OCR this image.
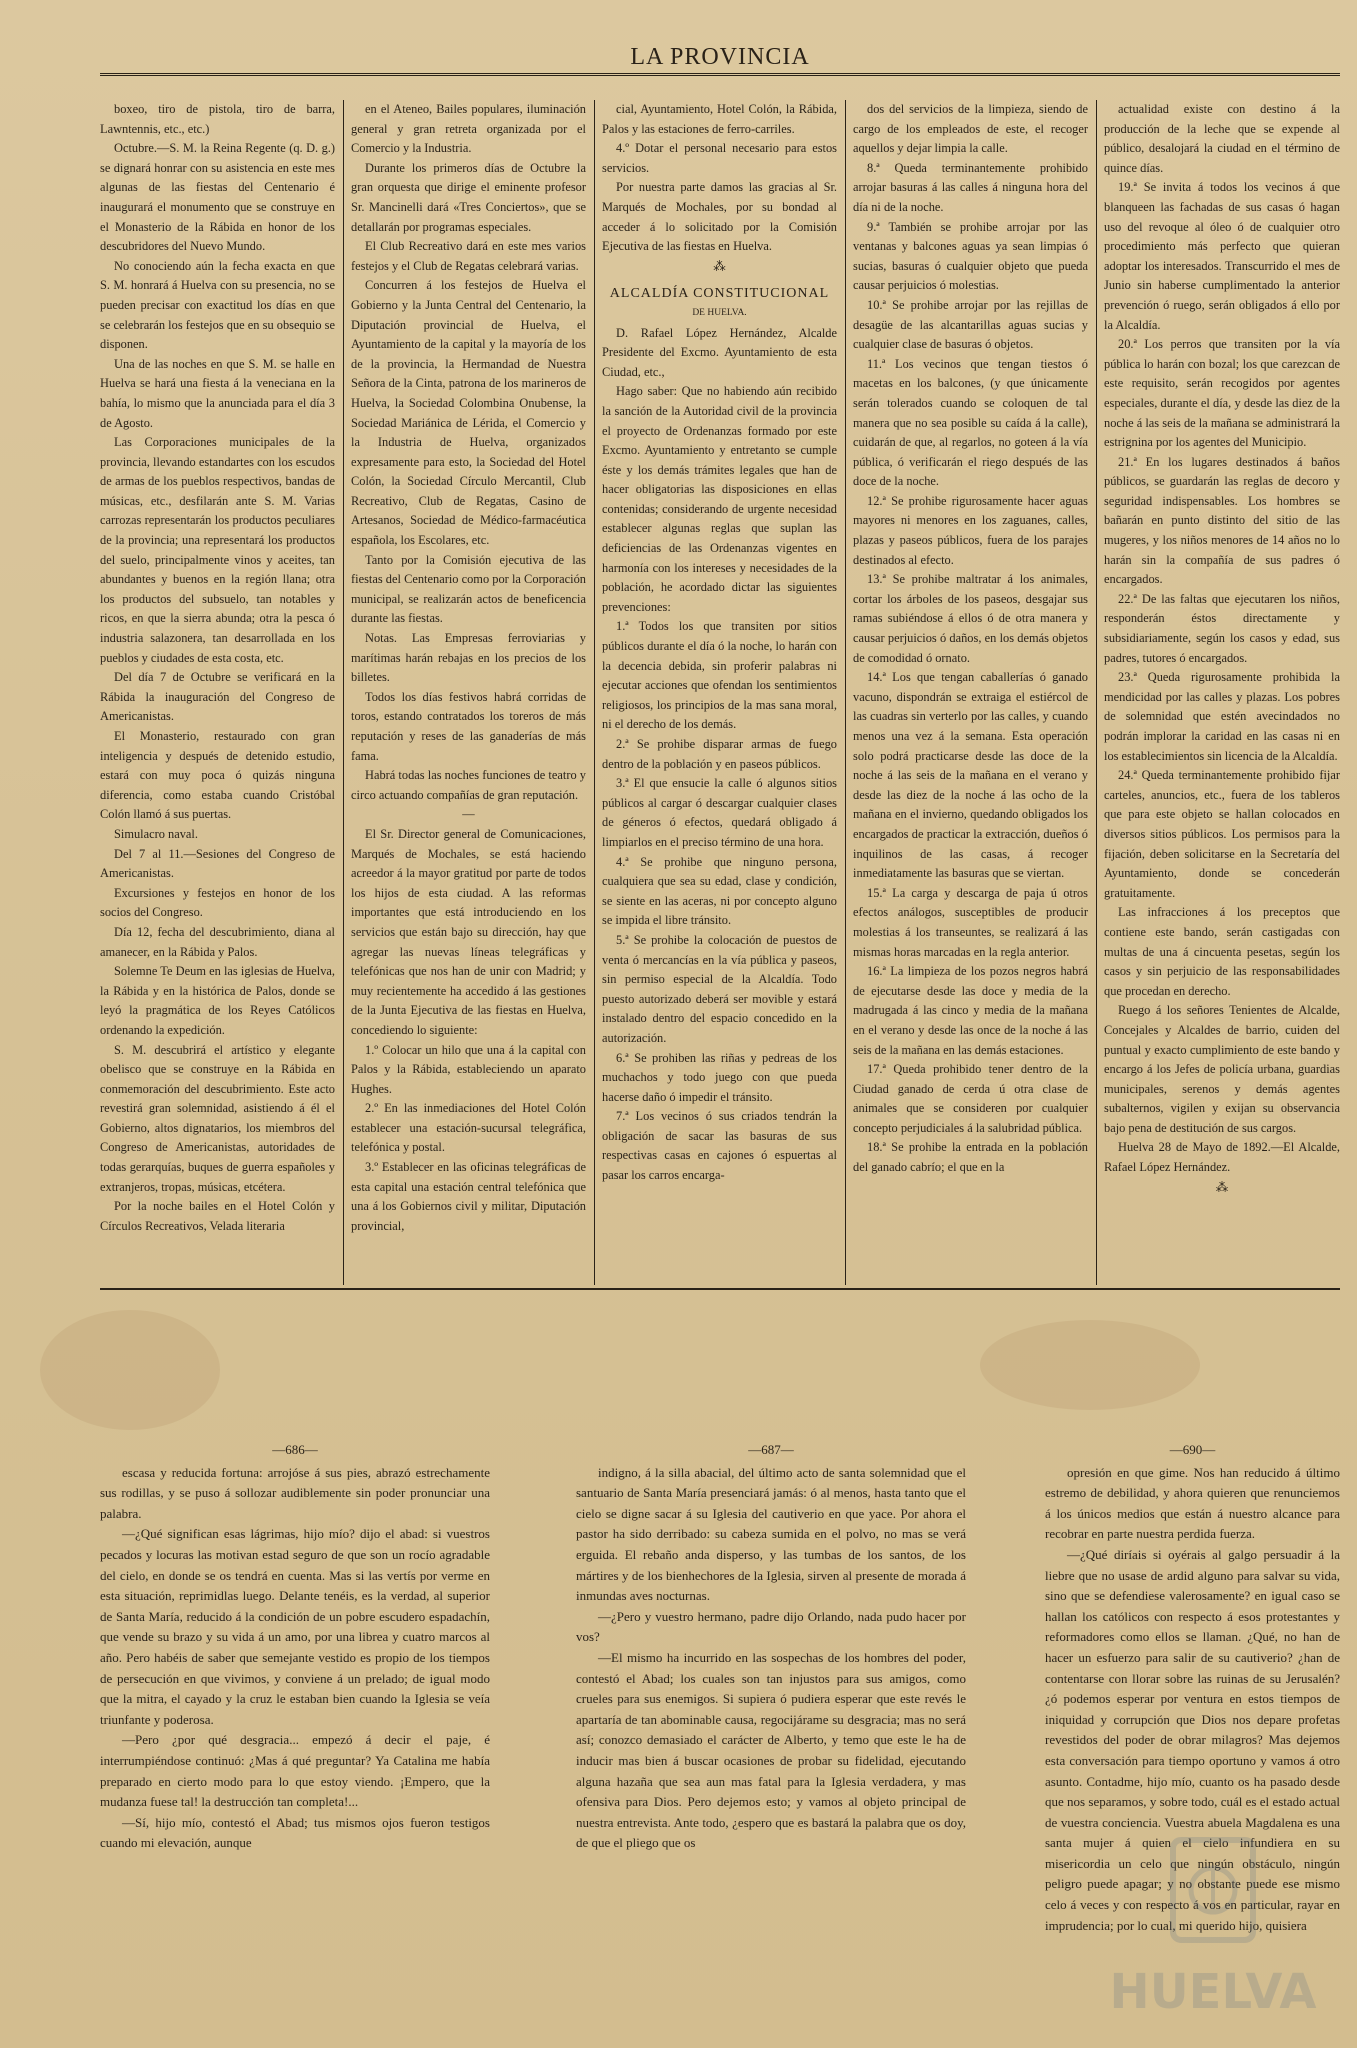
LA PROVINCIA

boxeo, tiro de pistola, tiro de barra, Lawntennis, etc., etc.)

Octubre.—S. M. la Reina Regente (q. D. g.) se dignará honrar con su asistencia en este mes algunas de las fiestas del Centenario é inaugurará el monumento que se construye en el Monasterio de la Rábida en honor de los descubridores del Nuevo Mundo.

No conociendo aún la fecha exacta en que S. M. honrará á Huelva con su presencia, no se pueden precisar con exactitud los días en que se celebrarán los festejos que en su obsequio se disponen.

Una de las noches en que S. M. se halle en Huelva se hará una fiesta á la veneciana en la bahía, lo mismo que la anunciada para el día 3 de Agosto.

Las Corporaciones municipales de la provincia, llevando estandartes con los escudos de armas de los pueblos respectivos, bandas de músicas, etc., desfilarán ante S. M. Varias carrozas representarán los productos peculiares de la provincia; una representará los productos del suelo, principalmente vinos y aceites, tan abundantes y buenos en la región llana; otra los productos del subsuelo, tan notables y ricos, en que la sierra abunda; otra la pesca ó industria salazonera, tan desarrollada en los pueblos y ciudades de esta costa, etc.

Del día 7 de Octubre se verificará en la Rábida la inauguración del Congreso de Americanistas.

El Monasterio, restaurado con gran inteligencia y después de detenido estudio, estará con muy poca ó quizás ninguna diferencia, como estaba cuando Cristóbal Colón llamó á sus puertas.

Simulacro naval.

Del 7 al 11.—Sesiones del Congreso de Americanistas.

Excursiones y festejos en honor de los socios del Congreso.

Día 12, fecha del descubrimiento, diana al amanecer, en la Rábida y Palos.

Solemne Te Deum en las iglesias de Huelva, la Rábida y en la histórica de Palos, donde se leyó la pragmática de los Reyes Católicos ordenando la expedición.

S. M. descubrirá el artístico y elegante obelisco que se construye en la Rábida en conmemoración del descubrimiento. Este acto revestirá gran solemnidad, asistiendo á él el Gobierno, altos dignatarios, los miembros del Congreso de Americanistas, autoridades de todas gerarquías, buques de guerra españoles y extranjeros, tropas, músicas, etcétera.

Por la noche bailes en el Hotel Colón y Círculos Recreativos, Velada literaria

en el Ateneo, Bailes populares, iluminación general y gran retreta organizada por el Comercio y la Industria.

Durante los primeros días de Octubre la gran orquesta que dirige el eminente profesor Sr. Mancinelli dará «Tres Conciertos», que se detallarán por programas especiales.

El Club Recreativo dará en este mes varios festejos y el Club de Regatas celebrará varias.

Concurren á los festejos de Huelva el Gobierno y la Junta Central del Centenario, la Diputación provincial de Huelva, el Ayuntamiento de la capital y la mayoría de los de la provincia, la Hermandad de Nuestra Señora de la Cinta, patrona de los marineros de Huelva, la Sociedad Colombina Onubense, la Sociedad Mariánica de Lérida, el Comercio y la Industria de Huelva, organizados expresamente para esto, la Sociedad del Hotel Colón, la Sociedad Círculo Mercantil, Club Recreativo, Club de Regatas, Casino de Artesanos, Sociedad de Médico-farmacéutica española, los Escolares, etc.

Tanto por la Comisión ejecutiva de las fiestas del Centenario como por la Corporación municipal, se realizarán actos de beneficencia durante las fiestas.

Notas. Las Empresas ferroviarias y marítimas harán rebajas en los precios de los billetes.

Todos los días festivos habrá corridas de toros, estando contratados los toreros de más reputación y reses de las ganaderías de más fama.

Habrá todas las noches funciones de teatro y circo actuando compañías de gran reputación.

—

El Sr. Director general de Comunicaciones, Marqués de Mochales, se está haciendo acreedor á la mayor gratitud por parte de todos los hijos de esta ciudad. A las reformas importantes que está introduciendo en los servicios que están bajo su dirección, hay que agregar las nuevas líneas telegráficas y telefónicas que nos han de unir con Madrid; y muy recientemente ha accedido á las gestiones de la Junta Ejecutiva de las fiestas en Huelva, concediendo lo siguiente:

1.º Colocar un hilo que una á la capital con Palos y la Rábida, estableciendo un aparato Hughes.

2.º En las inmediaciones del Hotel Colón establecer una estación-sucursal telegráfica, telefónica y postal.

3.º Establecer en las oficinas telegráficas de esta capital una estación central telefónica que una á los Gobiernos civil y militar, Diputación provincial,

cial, Ayuntamiento, Hotel Colón, la Rábida, Palos y las estaciones de ferro-carriles.

4.º Dotar el personal necesario para estos servicios.

Por nuestra parte damos las gracias al Sr. Marqués de Mochales, por su bondad al acceder á lo solicitado por la Comisión Ejecutiva de las fiestas en Huelva.

⁂

ALCALDÍA CONSTITUCIONAL

DE HUELVA.

D. Rafael López Hernández, Alcalde Presidente del Excmo. Ayuntamiento de esta Ciudad, etc.,

Hago saber: Que no habiendo aún recibido la sanción de la Autoridad civil de la provincia el proyecto de Ordenanzas formado por este Excmo. Ayuntamiento y entretanto se cumple éste y los demás trámites legales que han de hacer obligatorias las disposiciones en ellas contenidas; considerando de urgente necesidad establecer algunas reglas que suplan las deficiencias de las Ordenanzas vigentes en harmonía con los intereses y necesidades de la población, he acordado dictar las siguientes prevenciones:

1.ª Todos los que transiten por sitios públicos durante el día ó la noche, lo harán con la decencia debida, sin proferir palabras ni ejecutar acciones que ofendan los sentimientos religiosos, los principios de la mas sana moral, ni el derecho de los demás.

2.ª Se prohibe disparar armas de fuego dentro de la población y en paseos públicos.

3.ª El que ensucie la calle ó algunos sitios públicos al cargar ó descargar cualquier clases de géneros ó efectos, quedará obligado á limpiarlos en el preciso término de una hora.

4.ª Se prohibe que ninguno persona, cualquiera que sea su edad, clase y condición, se siente en las aceras, ni por concepto alguno se impida el libre tránsito.

5.ª Se prohibe la colocación de puestos de venta ó mercancías en la vía pública y paseos, sin permiso especial de la Alcaldía. Todo puesto autorizado deberá ser movible y estará instalado dentro del espacio concedido en la autorización.

6.ª Se prohiben las riñas y pedreas de los muchachos y todo juego con que pueda hacerse daño ó impedir el tránsito.

7.ª Los vecinos ó sus criados tendrán la obligación de sacar las basuras de sus respectivas casas en cajones ó espuertas al pasar los carros encarga-

dos del servicios de la limpieza, siendo de cargo de los empleados de este, el recoger aquellos y dejar limpia la calle.

8.ª Queda terminantemente prohibido arrojar basuras á las calles á ninguna hora del día ni de la noche.

9.ª También se prohibe arrojar por las ventanas y balcones aguas ya sean limpias ó sucias, basuras ó cualquier objeto que pueda causar perjuicios ó molestias.

10.ª Se prohibe arrojar por las rejillas de desagüe de las alcantarillas aguas sucias y cualquier clase de basuras ó objetos.

11.ª Los vecinos que tengan tiestos ó macetas en los balcones, (y que únicamente serán tolerados cuando se coloquen de tal manera que no sea posible su caída á la calle), cuidarán de que, al regarlos, no goteen á la vía pública, ó verificarán el riego después de las doce de la noche.

12.ª Se prohibe rigurosamente hacer aguas mayores ni menores en los zaguanes, calles, plazas y paseos públicos, fuera de los parajes destinados al efecto.

13.ª Se prohibe maltratar á los animales, cortar los árboles de los paseos, desgajar sus ramas subiéndose á ellos ó de otra manera y causar perjuicios ó daños, en los demás objetos de comodidad ó ornato.

14.ª Los que tengan caballerías ó ganado vacuno, dispondrán se extraiga el estiércol de las cuadras sin verterlo por las calles, y cuando menos una vez á la semana. Esta operación solo podrá practicarse desde las doce de la noche á las seis de la mañana en el verano y desde las diez de la noche á las ocho de la mañana en el invierno, quedando obligados los encargados de practicar la extracción, dueños ó inquilinos de las casas, á recoger inmediatamente las basuras que se viertan.

15.ª La carga y descarga de paja ú otros efectos análogos, susceptibles de producir molestias á los transeuntes, se realizará á las mismas horas marcadas en la regla anterior.

16.ª La limpieza de los pozos negros habrá de ejecutarse desde las doce y media de la madrugada á las cinco y media de la mañana en el verano y desde las once de la noche á las seis de la mañana en las demás estaciones.

17.ª Queda prohibido tener dentro de la Ciudad ganado de cerda ú otra clase de animales que se consideren por cualquier concepto perjudiciales á la salubridad pública.

18.ª Se prohibe la entrada en la población del ganado cabrío; el que en la

actualidad existe con destino á la producción de la leche que se expende al público, desalojará la ciudad en el término de quince días.

19.ª Se invita á todos los vecinos á que blanqueen las fachadas de sus casas ó hagan uso del revoque al óleo ó de cualquier otro procedimiento más perfecto que quieran adoptar los interesados. Transcurrido el mes de Junio sin haberse cumplimentado la anterior prevención ó ruego, serán obligados á ello por la Alcaldía.

20.ª Los perros que transiten por la vía pública lo harán con bozal; los que carezcan de este requisito, serán recogidos por agentes especiales, durante el día, y desde las diez de la noche á las seis de la mañana se administrará la estrignina por los agentes del Municipio.

21.ª En los lugares destinados á baños públicos, se guardarán las reglas de decoro y seguridad indispensables. Los hombres se bañarán en punto distinto del sitio de las mugeres, y los niños menores de 14 años no lo harán sin la compañía de sus padres ó encargados.

22.ª De las faltas que ejecutaren los niños, responderán éstos directamente y subsidiariamente, según los casos y edad, sus padres, tutores ó encargados.

23.ª Queda rigurosamente prohibida la mendicidad por las calles y plazas. Los pobres de solemnidad que estén avecindados no podrán implorar la caridad en las casas ni en los establecimientos sin licencia de la Alcaldía.

24.ª Queda terminantemente prohibido fijar carteles, anuncios, etc., fuera de los tableros que para este objeto se hallan colocados en diversos sitios públicos. Los permisos para la fijación, deben solicitarse en la Secretaría del Ayuntamiento, donde se concederán gratuitamente.

Las infracciones á los preceptos que contiene este bando, serán castigadas con multas de una á cincuenta pesetas, según los casos y sin perjuicio de las responsabilidades que procedan en derecho.

Ruego á los señores Tenientes de Alcalde, Concejales y Alcaldes de barrio, cuiden del puntual y exacto cumplimiento de este bando y encargo á los Jefes de policía urbana, guardias municipales, serenos y demás agentes subalternos, vigilen y exijan su observancia bajo pena de destitución de sus cargos.

Huelva 28 de Mayo de 1892.—El Alcalde, Rafael López Hernández.

⁂

—686—

escasa y reducida fortuna: arrojóse á sus pies, abrazó estrechamente sus rodillas, y se puso á sollozar audiblemente sin poder pronunciar una palabra.

—¿Qué significan esas lágrimas, hijo mío? dijo el abad: si vuestros pecados y locuras las motivan estad seguro de que son un rocío agradable del cielo, en donde se os tendrá en cuenta. Mas si las vertís por verme en esta situación, reprimidlas luego. Delante tenéis, es la verdad, al superior de Santa María, reducido á la condición de un pobre escudero espadachín, que vende su brazo y su vida á un amo, por una librea y cuatro marcos al año. Pero habéis de saber que semejante vestido es propio de los tiempos de persecución en que vivimos, y conviene á un prelado; de igual modo que la mitra, el cayado y la cruz le estaban bien cuando la Iglesia se veía triunfante y poderosa.

—Pero ¿por qué desgracia... empezó á decir el paje, é interrumpiéndose continuó: ¿Mas á qué preguntar? Ya Catalina me había preparado en cierto modo para lo que estoy viendo. ¡Empero, que la mudanza fuese tal! la destrucción tan completa!...

—Sí, hijo mío, contestó el Abad; tus mismos ojos fueron testigos cuando mi elevación, aunque

—687—

indigno, á la silla abacial, del último acto de santa solemnidad que el santuario de Santa María presenciará jamás: ó al menos, hasta tanto que el cielo se digne sacar á su Iglesia del cautiverio en que yace. Por ahora el pastor ha sido derribado: su cabeza sumida en el polvo, no mas se verá erguida. El rebaño anda disperso, y las tumbas de los santos, de los mártires y de los bienhechores de la Iglesia, sirven al presente de morada á inmundas aves nocturnas.

—¿Pero y vuestro hermano, padre dijo Orlando, nada pudo hacer por vos?

—El mismo ha incurrido en las sospechas de los hombres del poder, contestó el Abad; los cuales son tan injustos para sus amigos, como crueles para sus enemigos. Si supiera ó pudiera esperar que este revés le apartaría de tan abominable causa, regocijárame su desgracia; mas no será así; conozco demasiado el carácter de Alberto, y temo que este le ha de inducir mas bien á buscar ocasiones de probar su fidelidad, ejecutando alguna hazaña que sea aun mas fatal para la Iglesia verdadera, y mas ofensiva para Dios. Pero dejemos esto; y vamos al objeto principal de nuestra entrevista. Ante todo, ¿espero que es bastará la palabra que os doy, de que el pliego que os

—690—

opresión en que gime. Nos han reducido á último estremo de debilidad, y ahora quieren que renunciemos á los únicos medios que están á nuestro alcance para recobrar en parte nuestra perdida fuerza.

—¿Qué diríais si oyérais al galgo persuadir á la liebre que no usase de ardid alguno para salvar su vida, sino que se defendiese valerosamente? en igual caso se hallan los católicos con respecto á esos protestantes y reformadores como ellos se llaman. ¿Qué, no han de hacer un esfuerzo para salir de su cautiverio? ¿han de contentarse con llorar sobre las ruinas de su Jerusalén? ¿ó podemos esperar por ventura en estos tiempos de iniquidad y corrupción que Dios nos depare profetas revestidos del poder de obrar milagros? Mas dejemos esta conversación para tiempo oportuno y vamos á otro asunto. Contadme, hijo mío, cuanto os ha pasado desde que nos separamos, y sobre todo, cuál es el estado actual de vuestra conciencia. Vuestra abuela Magdalena es una santa mujer á quien el cielo infundiera en su misericordia un celo que ningún obstáculo, ningún peligro puede apagar; y no obstante puede ese mismo celo á veces y con respecto á vos en particular, rayar en imprudencia; por lo cual, mi querido hijo, quisiera

HUELVA
